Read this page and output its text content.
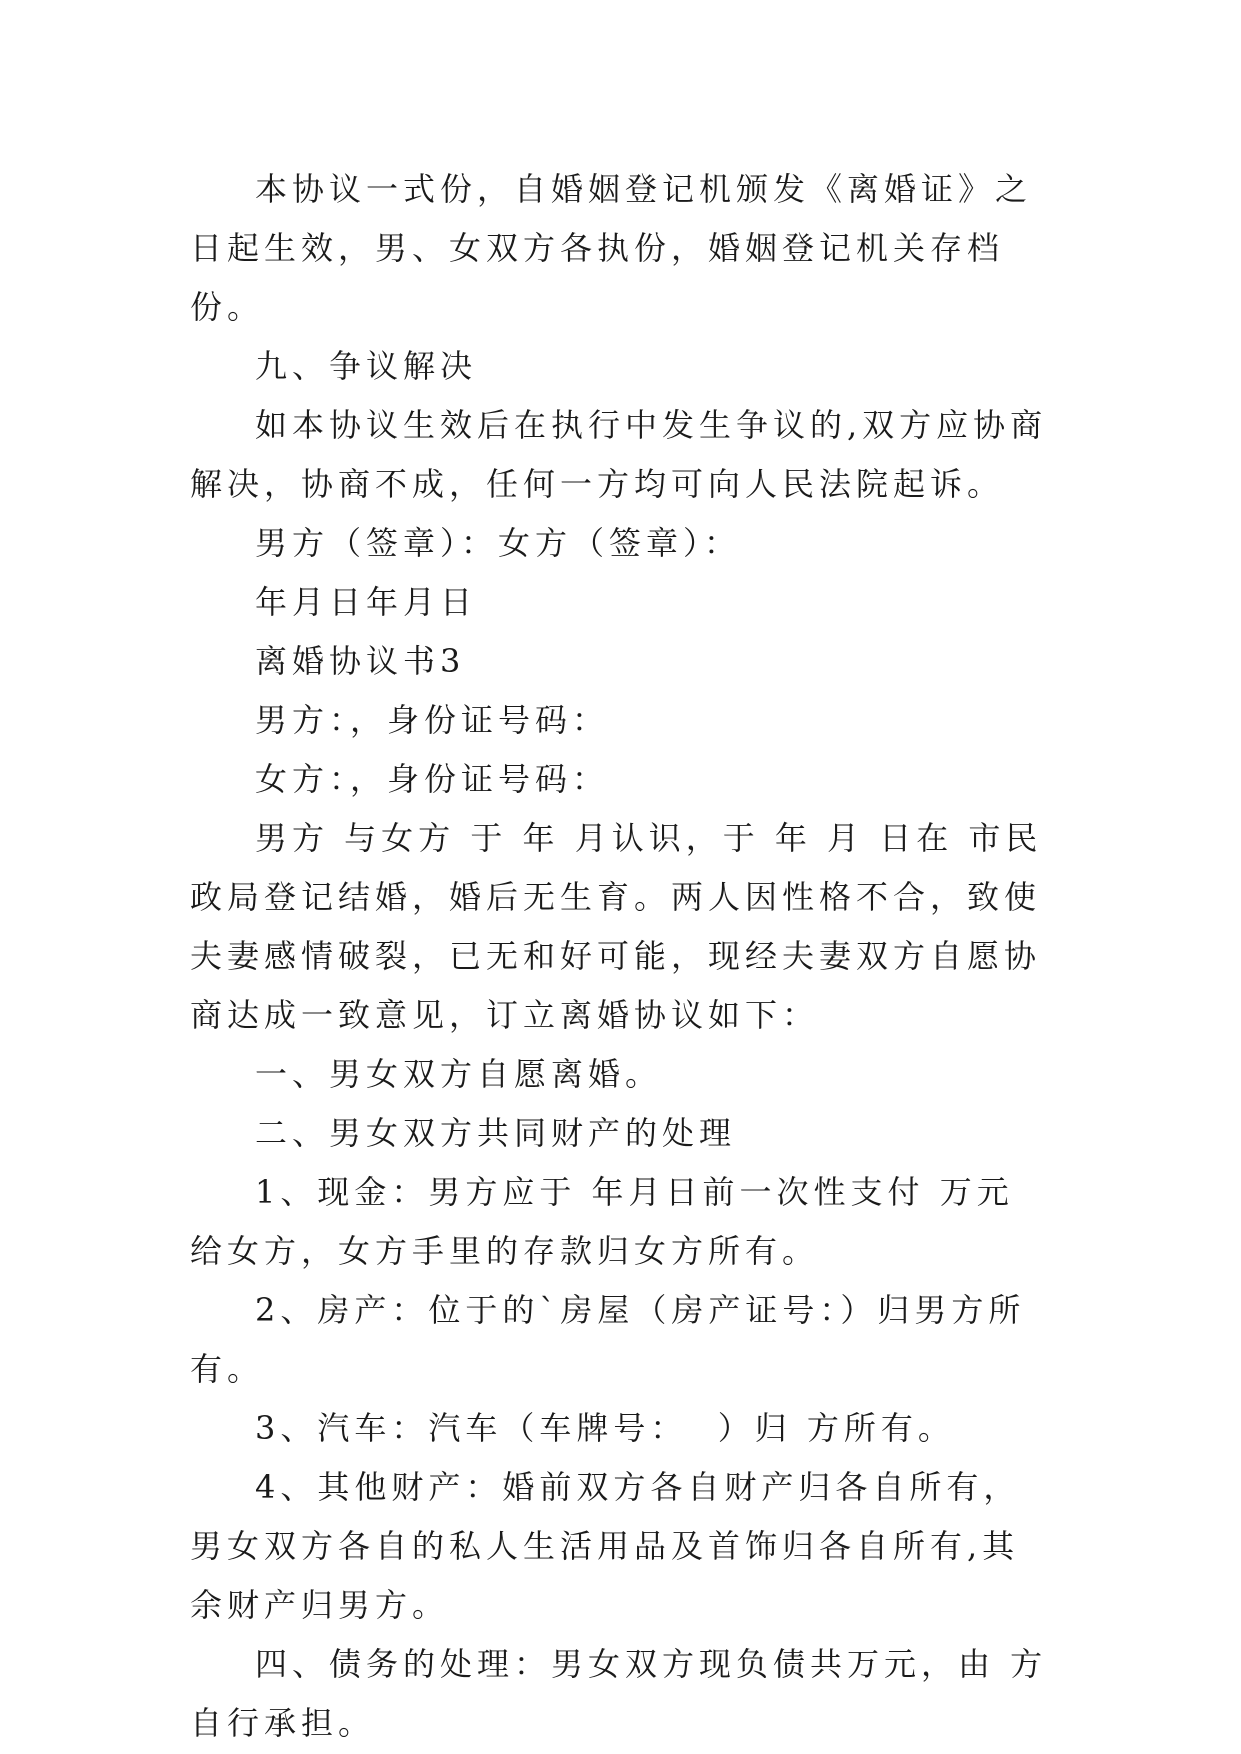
本协议一式份，自婚姻登记机颁发《离婚证》之日起生效，男、女双方各执份，婚姻登记机关存档份。

九、争议解决

如本协议生效后在执行中发生争议的,双方应协商解决，协商不成，任何一方均可向人民法院起诉。

男方（签章）：女方（签章）：

年月日年月日

离婚协议书3

男方：，身份证号码：

女方：，身份证号码：

男方 与女方 于 年 月认识，于 年 月 日在 市民政局登记结婚，婚后无生育。两人因性格不合，致使夫妻感情破裂，已无和好可能，现经夫妻双方自愿协商达成一致意见，订立离婚协议如下：

一、男女双方自愿离婚。

二、男女双方共同财产的处理

1、现金：男方应于 年月日前一次性支付 万元给女方，女方手里的存款归女方所有。

2、房产：位于的`房屋（房产证号：）归男方所有。

3、汽车：汽车（车牌号：  ）归 方所有。

4、其他财产：婚前双方各自财产归各自所有，男女双方各自的私人生活用品及首饰归各自所有,其余财产归男方。

四、债务的处理：男女双方现负债共万元，由 方自行承担。
